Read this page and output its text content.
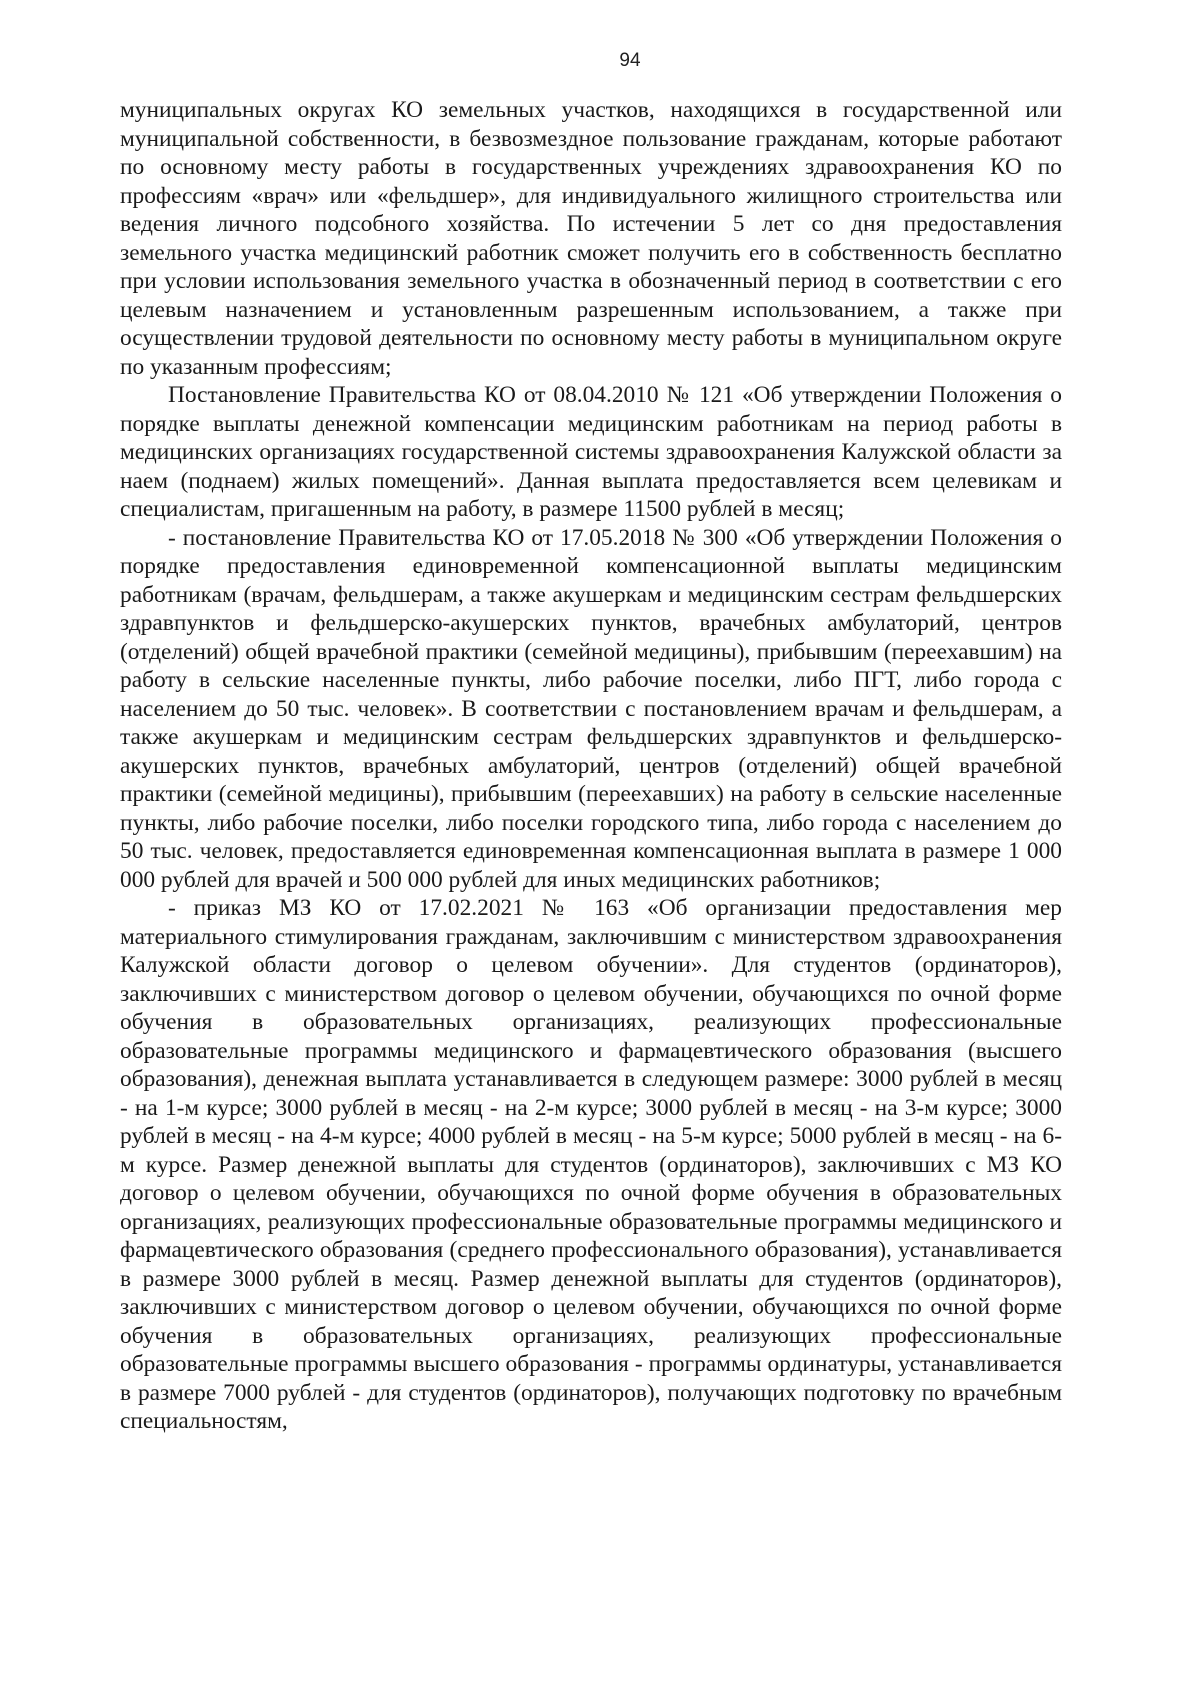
94

муниципальных округах КО земельных участков, находящихся в государственной или муниципальной собственности, в безвозмездное пользование гражданам, которые работают по основному месту работы в государственных учреждениях здравоохранения КО по профессиям «врач» или «фельдшер», для индивидуального жилищного строительства или ведения личного подсобного хозяйства. По истечении 5 лет со дня предоставления земельного участка медицинский работник сможет получить его в собственность бесплатно при условии использования земельного участка в обозначенный период в соответствии с его целевым назначением и установленным разрешенным использованием, а также при осуществлении трудовой деятельности по основному месту работы в муниципальном округе по указанным профессиям;

Постановление Правительства КО от 08.04.2010 № 121 «Об утверждении Положения о порядке выплаты денежной компенсации медицинским работникам на период работы в медицинских организациях государственной системы здравоохранения Калужской области за наем (поднаем) жилых помещений». Данная выплата предоставляется всем целевикам и специалистам, пригашенным на работу, в размере 11500 рублей в месяц;

- постановление Правительства КО от 17.05.2018 № 300 «Об утверждении Положения о порядке предоставления единовременной компенсационной выплаты медицинским работникам (врачам, фельдшерам, а также акушеркам и медицинским сестрам фельдшерских здравпунктов и фельдшерско-акушерских пунктов, врачебных амбулаторий, центров (отделений) общей врачебной практики (семейной медицины), прибывшим (переехавшим) на работу в сельские населенные пункты, либо рабочие поселки, либо ПГТ, либо города с населением до 50 тыс. человек». В соответствии с постановлением врачам и фельдшерам, а также акушеркам и медицинским сестрам фельдшерских здравпунктов и фельдшерско-акушерских пунктов, врачебных амбулаторий, центров (отделений) общей врачебной практики (семейной медицины), прибывшим (переехавших) на работу в сельские населенные пункты, либо рабочие поселки, либо поселки городского типа, либо города с населением до 50 тыс. человек, предоставляется единовременная компенсационная выплата в размере 1 000 000 рублей для врачей и 500 000 рублей для иных медицинских работников;

- приказ МЗ КО от 17.02.2021 № 163 «Об организации предоставления мер материального стимулирования гражданам, заключившим с министерством здравоохранения Калужской области договор о целевом обучении». Для студентов (ординаторов), заключивших с министерством договор о целевом обучении, обучающихся по очной форме обучения в образовательных организациях, реализующих профессиональные образовательные программы медицинского и фармацевтического образования (высшего образования), денежная выплата устанавливается в следующем размере: 3000 рублей в месяц - на 1-м курсе; 3000 рублей в месяц - на 2-м курсе; 3000 рублей в месяц - на 3-м курсе; 3000 рублей в месяц - на 4-м курсе; 4000 рублей в месяц - на 5-м курсе; 5000 рублей в месяц - на 6-м курсе. Размер денежной выплаты для студентов (ординаторов), заключивших с МЗ КО договор о целевом обучении, обучающихся по очной форме обучения в образовательных организациях, реализующих профессиональные образовательные программы медицинского и фармацевтического образования (среднего профессионального образования), устанавливается в размере 3000 рублей в месяц. Размер денежной выплаты для студентов (ординаторов), заключивших с министерством договор о целевом обучении, обучающихся по очной форме обучения в образовательных организациях, реализующих профессиональные образовательные программы высшего образования - программы ординатуры, устанавливается в размере 7000 рублей - для студентов (ординаторов), получающих подготовку по врачебным специальностям,
